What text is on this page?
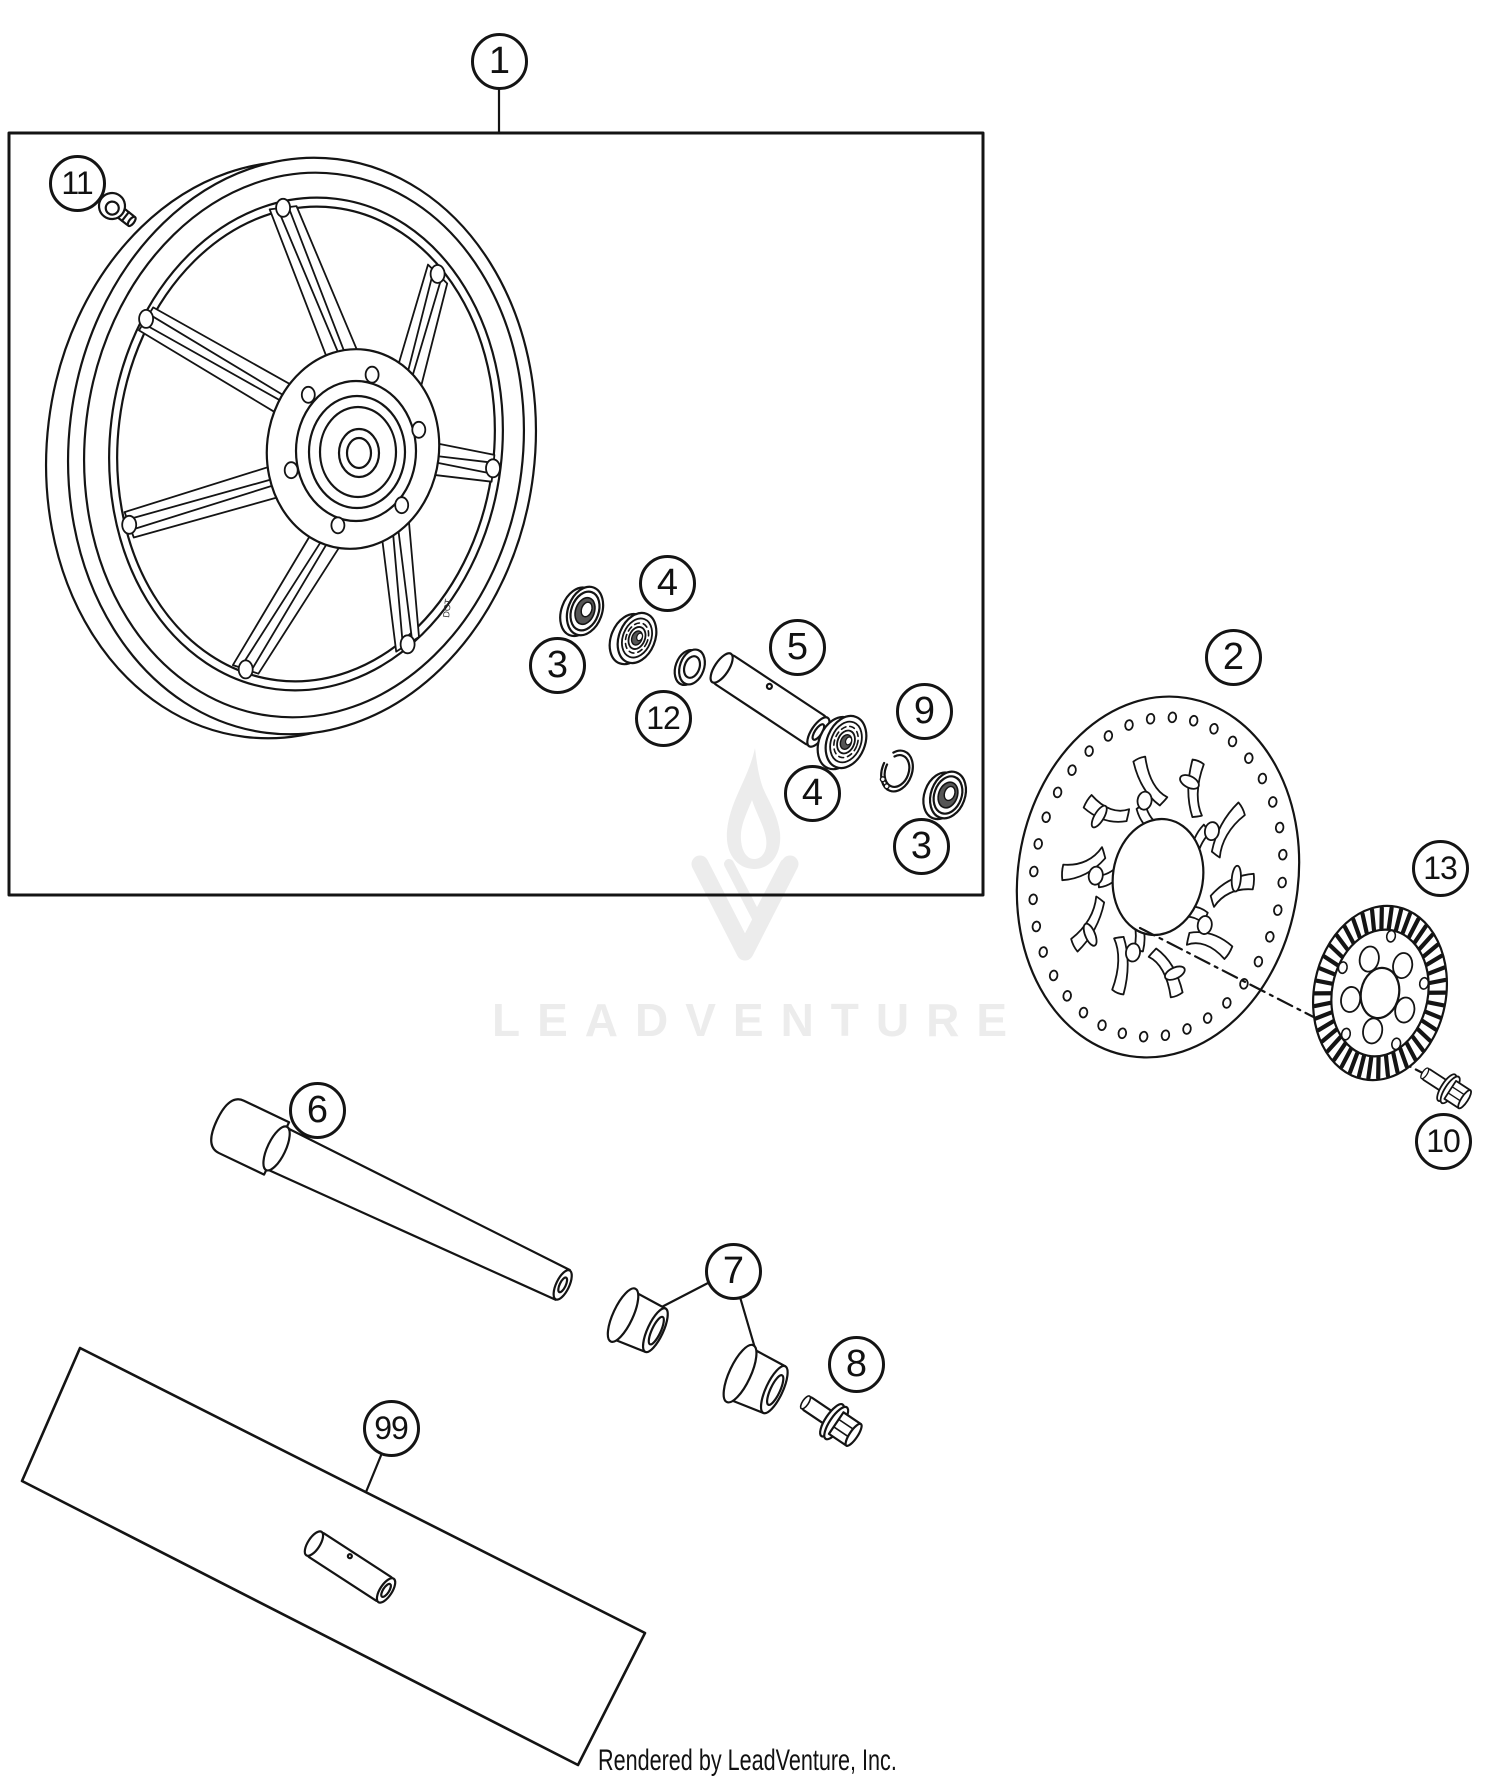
LEADVENTURE
DOT
Rendered by LeadVenture, Inc.
1
2
3
4
5
6
7
8
9
10
11
12
13
4
3
99
